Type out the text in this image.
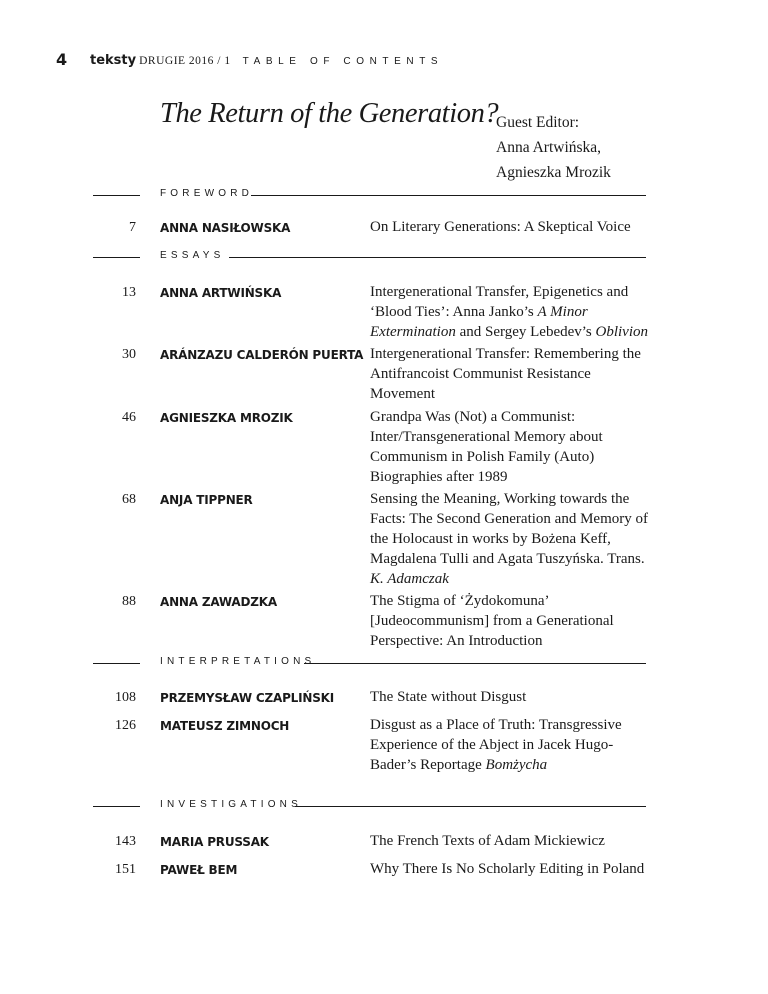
4 teksty DRUGIE 2016 / 1 TABLE OF CONTENTS
The Return of the Generation?
Guest Editor:
Anna Artwińska,
Agnieszka Mrozik
FOREWORD
7 ANNA NASIŁOWSKA	On Literary Generations: A Skeptical Voice
ESSAYS
13 ANNA ARTWIŃSKA	Intergenerational Transfer, Epigenetics and ‘Blood Ties’: Anna Janko’s A Minor Extermination and Sergey Lebedev’s Oblivion
30 ARÁNZAZU CALDERÓN PUERTA Intergenerational Transfer: Remembering the Antifrancoist Communist Resistance Movement
46 AGNIESZKA MROZIK	Grandpa Was (Not) a Communist: Inter/Transgenerational Memory about Communism in Polish Family (Auto) Biographies after 1989
68 ANJA TIPPNER	Sensing the Meaning, Working towards the Facts: The Second Generation and Memory of the Holocaust in works by Bożena Keff, Magdalena Tulli and Agata Tuszyńska. Trans. K. Adamczak
88 ANNA ZAWADZKA	The Stigma of ‘Żydokomuna’ [Judeocommunism] from a Generational Perspective: An Introduction
INTERPRETATIONS
108 PRZEMYSŁAW CZAPLIŃSKI The State without Disgust
126 MATEUSZ ZIMNOCH	Disgust as a Place of Truth: Transgressive Experience of the Abject in Jacek Hugo-Bader’s Reportage Bomżycha
INVESTIGATIONS
143 MARIA PRUSSAK	The French Texts of Adam Mickiewicz
151 PAWEŁ BEM	Why There Is No Scholarly Editing in Poland
